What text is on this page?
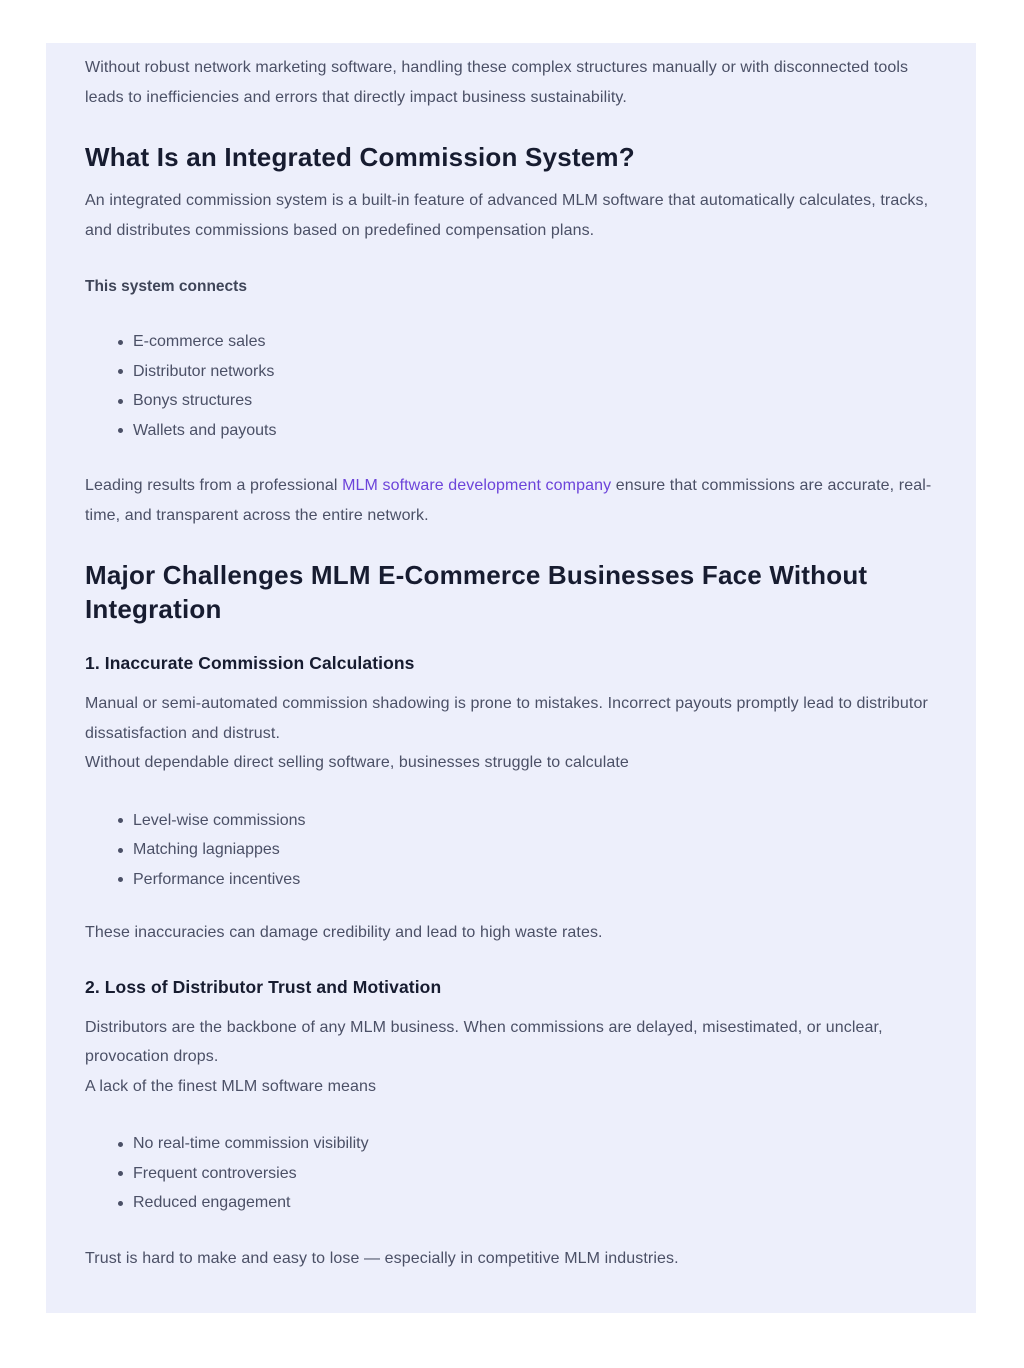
Without robust network marketing software, handling these complex structures manually or with disconnected tools leads to inefficiencies and errors that directly impact business sustainability.

What Is an Integrated Commission System?

An integrated commission system is a built-in feature of advanced MLM software that automatically calculates, tracks, and distributes commissions based on predefined compensation plans.

This system connects

E-commerce sales
Distributor networks
Bonys structures
Wallets and payouts

Leading results from a professional MLM software development company ensure that commissions are accurate, real- time, and transparent across the entire network.

Major Challenges MLM E-Commerce Businesses Face Without Integration
1. Inaccurate Commission Calculations

Manual or semi-automated commission shadowing is prone to mistakes. Incorrect payouts promptly lead to distributor dissatisfaction and distrust.
Without dependable direct selling software, businesses struggle to calculate

Level-wise commissions
Matching lagniappes
Performance incentives

These inaccuracies can damage credibility and lead to high waste rates.

2. Loss of Distributor Trust and Motivation

Distributors are the backbone of any MLM business. When commissions are delayed, misestimated, or unclear, provocation drops.
A lack of the finest MLM software means

No real-time commission visibility
Frequent controversies
Reduced engagement

Trust is hard to make and easy to lose — especially in competitive MLM industries.
